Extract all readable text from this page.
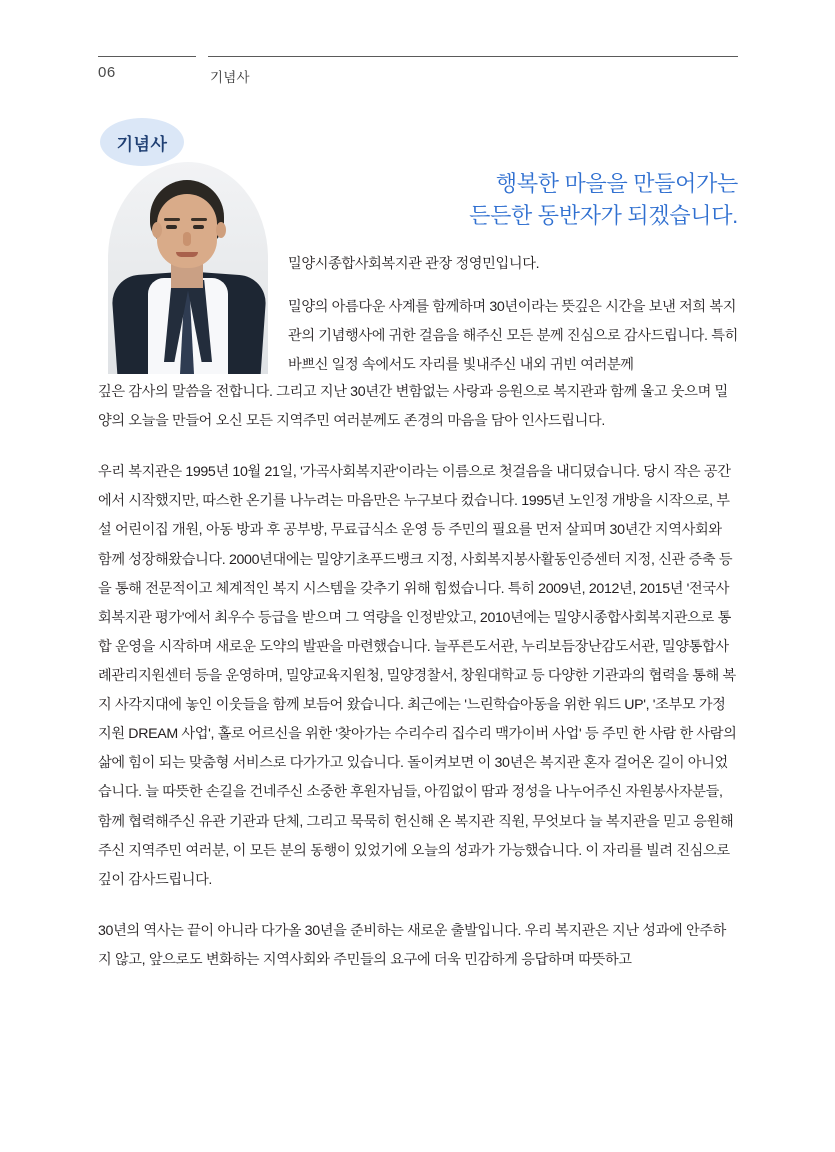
06	기념사
기념사
행복한 마을을 만들어가는
든든한 동반자가 되겠습니다.

밀양시종합사회복지관 관장 정영민입니다.

밀양의 아름다운 사계를 함께하며 30년이라는 뜻깊은 시간을 보낸 저희 복지관의 기념행사에 귀한 걸음을 해주신 모든 분께 진심으로 감사드립니다. 특히 바쁘신 일정 속에서도 자리를 빛내주신 내외 귀빈 여러분께

깊은 감사의 말씀을 전합니다. 그리고 지난 30년간 변함없는 사랑과 응원으로 복지관과 함께 울고 웃으며 밀양의 오늘을 만들어 오신 모든 지역주민 여러분께도 존경의 마음을 담아 인사드립니다.

우리 복지관은 1995년 10월 21일, '가곡사회복지관'이라는 이름으로 첫걸음을 내디뎠습니다. 당시 작은 공간에서 시작했지만, 따스한 온기를 나누려는 마음만은 누구보다 컸습니다. 1995년 노인정 개방을 시작으로, 부설 어린이집 개원, 아동 방과 후 공부방, 무료급식소 운영 등 주민의 필요를 먼저 살피며 30년간 지역사회와 함께 성장해왔습니다. 2000년대에는 밀양기초푸드뱅크 지정, 사회복지봉사활동인증센터 지정, 신관 증축 등을 통해 전문적이고 체계적인 복지 시스템을 갖추기 위해 힘썼습니다. 특히 2009년, 2012년, 2015년 '전국사회복지관 평가'에서 최우수 등급을 받으며 그 역량을 인정받았고, 2010년에는 밀양시종합사회복지관으로 통합 운영을 시작하며 새로운 도약의 발판을 마련했습니다. 늘푸른도서관, 누리보듬장난감도서관, 밀양통합사례관리지원센터 등을 운영하며, 밀양교육지원청, 밀양경찰서, 창원대학교 등 다양한 기관과의 협력을 통해 복지 사각지대에 놓인 이웃들을 함께 보듬어 왔습니다. 최근에는 '느린학습아동을 위한 워드 UP', '조부모 가정 지원 DREAM 사업', 홀로 어르신을 위한 '찾아가는 수리수리 집수리 맥가이버 사업' 등 주민 한 사람 한 사람의 삶에 힘이 되는 맞춤형 서비스로 다가가고 있습니다. 돌이켜보면 이 30년은 복지관 혼자 걸어온 길이 아니었습니다. 늘 따뜻한 손길을 건네주신 소중한 후원자님들, 아낌없이 땀과 정성을 나누어주신 자원봉사자분들, 함께 협력해주신 유관 기관과 단체, 그리고 묵묵히 헌신해 온 복지관 직원, 무엇보다 늘 복지관을 믿고 응원해 주신 지역주민 여러분, 이 모든 분의 동행이 있었기에 오늘의 성과가 가능했습니다. 이 자리를 빌려 진심으로 깊이 감사드립니다.

30년의 역사는 끝이 아니라 다가올 30년을 준비하는 새로운 출발입니다. 우리 복지관은 지난 성과에 안주하지 않고, 앞으로도 변화하는 지역사회와 주민들의 요구에 더욱 민감하게 응답하며 따뜻하고
